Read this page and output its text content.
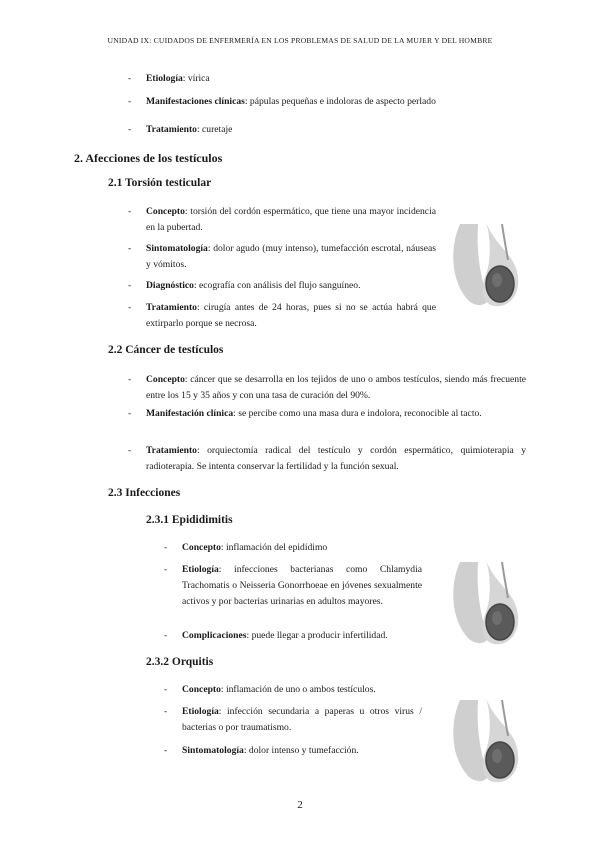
UNIDAD IX: CUIDADOS DE ENFERMERÍA EN LOS PROBLEMAS DE SALUD DE LA MUJER Y DEL HOMBRE
- Etiología: vírica
- Manifestaciones clínicas: pápulas pequeñas e indoloras de aspecto perlado
- Tratamiento: curetaje
2. Afecciones de los testículos
2.1 Torsión testicular
- Concepto: torsión del cordón espermático, que tiene una mayor incidencia en la pubertad.
- Sintomatología: dolor agudo (muy intenso), tumefacción escrotal, náuseas y vómitos.
- Diagnóstico: ecografía con análisis del flujo sanguíneo.
- Tratamiento: cirugía antes de 24 horas, pues si no se actúa habrá que extirparlo porque se necrosa.
2.2 Cáncer de testículos
- Concepto: cáncer que se desarrolla en los tejidos de uno o ambos testículos, siendo más frecuente entre los 15 y 35 años y con una tasa de curación del 90%.
- Manifestación clínica: se percibe como una masa dura e indolora, reconocible al tacto.
- Tratamiento: orquiectomía radical del testículo y cordón espermático, quimioterapia y radioterapia. Se intenta conservar la fertilidad y la función sexual.
2.3 Infecciones
2.3.1 Epididimitis
- Concepto: inflamación del epidídimo
- Etiología: infecciones bacterianas como Chlamydia Trachomatis o Neisseria Gonorrhoeae en jóvenes sexualmente activos y por bacterias urinarias en adultos mayores.
- Complicaciones: puede llegar a producir infertilidad.
2.3.2 Orquitis
- Concepto: inflamación de uno o ambos testículos.
- Etiología: infección secundaria a paperas u otros virus / bacterias o por traumatismo.
- Sintomatología: dolor intenso y tumefacción.
2
